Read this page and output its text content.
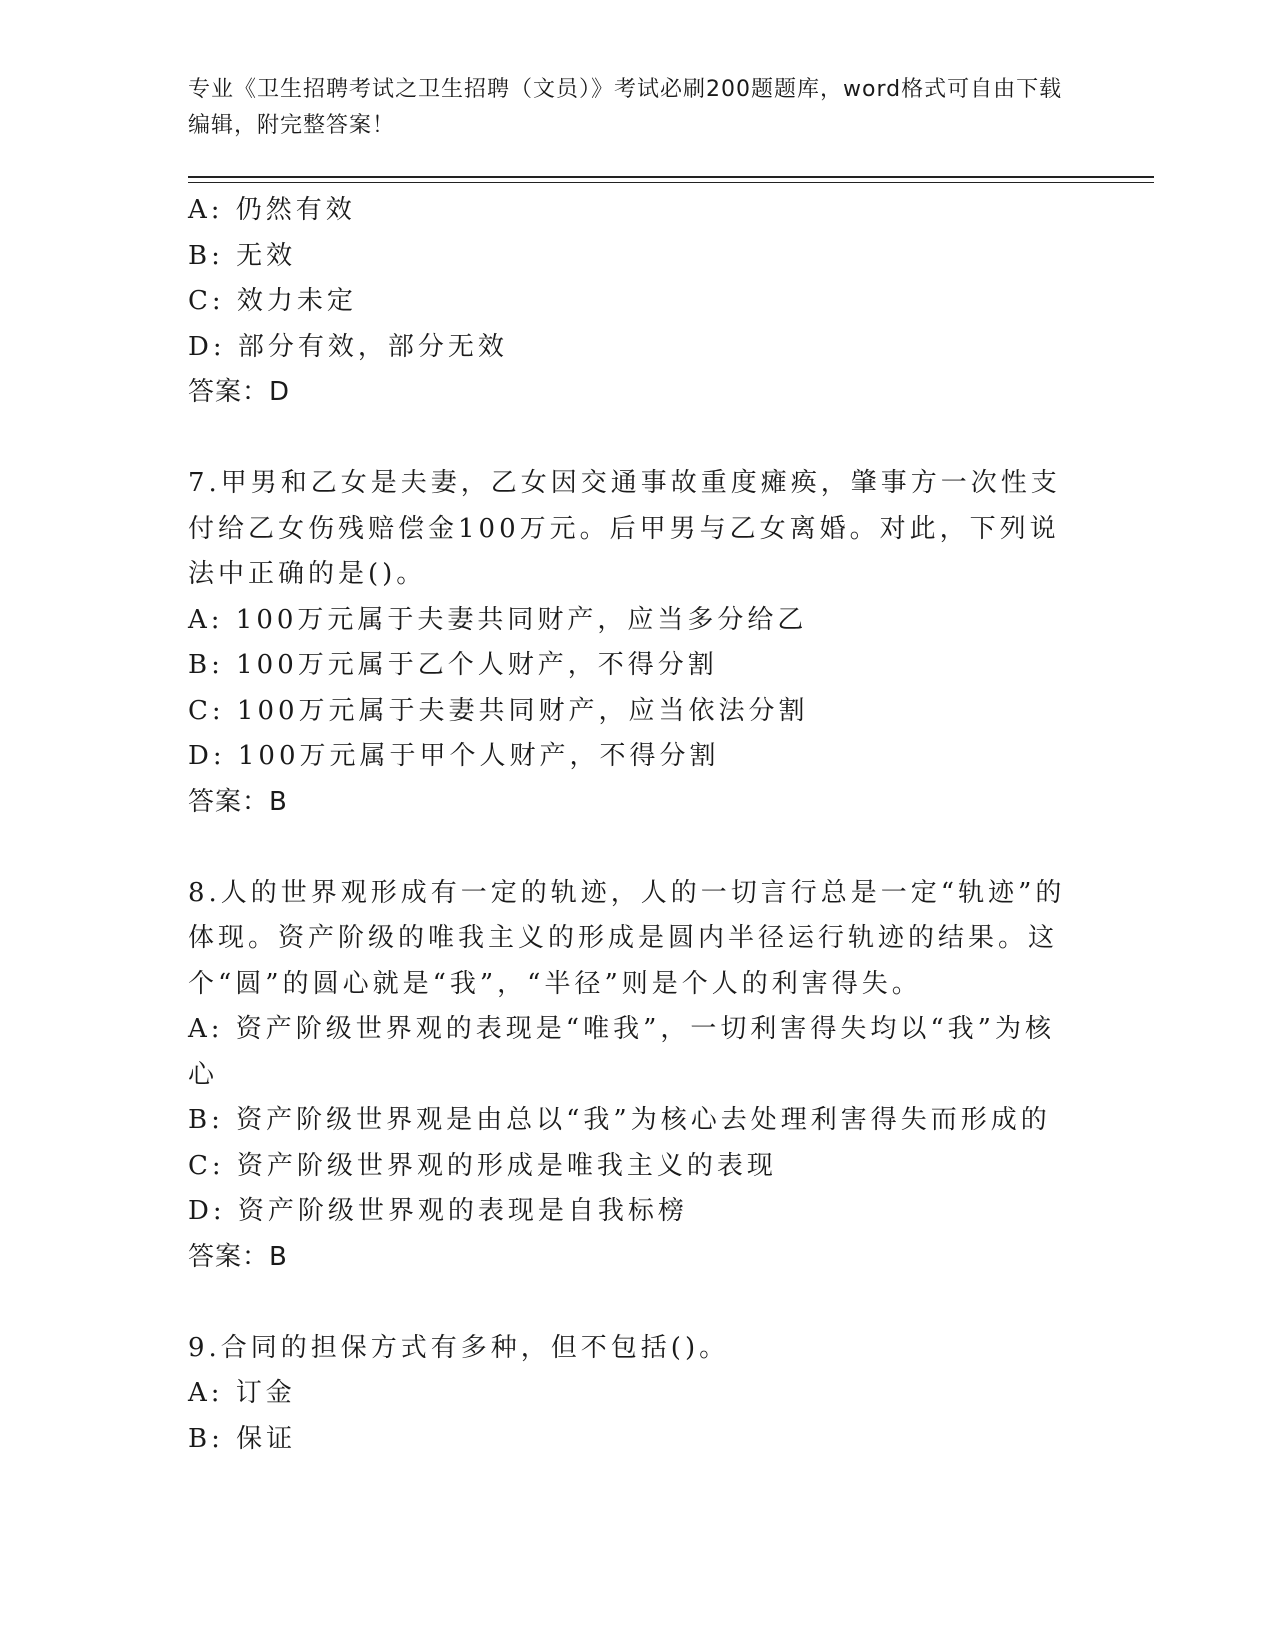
专业《卫生招聘考试之卫生招聘（文员）》考试必刷200题题库，word格式可自由下载编辑，附完整答案！
A: 仍然有效
B: 无效
C: 效力未定
D: 部分有效，部分无效
答案：D
7.甲男和乙女是夫妻，乙女因交通事故重度瘫痪，肇事方一次性支付给乙女伤残赔偿金100万元。后甲男与乙女离婚。对此，下列说法中正确的是()。
A: 100万元属于夫妻共同财产，应当多分给乙
B: 100万元属于乙个人财产，不得分割
C: 100万元属于夫妻共同财产，应当依法分割
D: 100万元属于甲个人财产，不得分割
答案：B
8.人的世界观形成有一定的轨迹，人的一切言行总是一定“轨迹”的体现。资产阶级的唯我主义的形成是圆内半径运行轨迹的结果。这个“圆”的圆心就是“我”，“半径”则是个人的利害得失。
A: 资产阶级世界观的表现是“唯我”，一切利害得失均以“我”为核心
B: 资产阶级世界观是由总以“我”为核心去处理利害得失而形成的
C: 资产阶级世界观的形成是唯我主义的表现
D: 资产阶级世界观的表现是自我标榜
答案：B
9.合同的担保方式有多种，但不包括()。
A: 订金
B: 保证
